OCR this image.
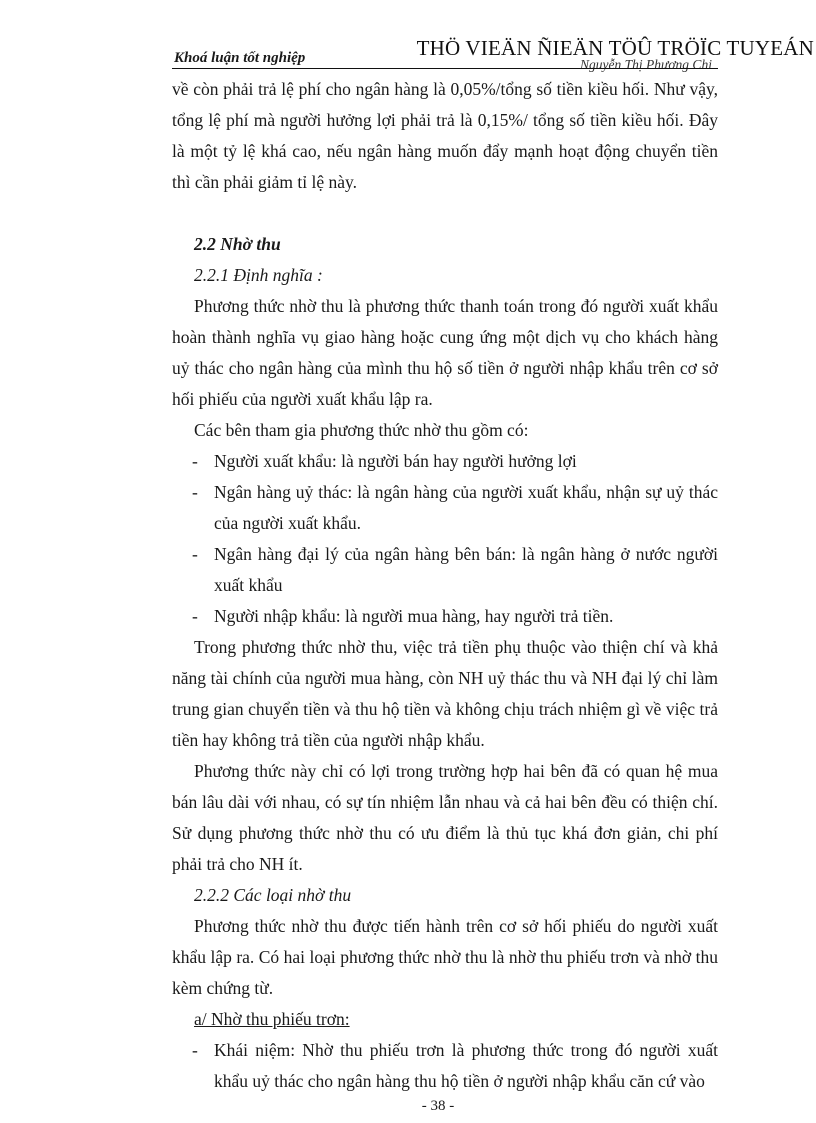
THÖ VIEÄN ÑIEÄN TÖÛ TRÖÏC TUYEÁN
Khoá luận tốt nghiệp	Nguyễn Thị Phương Chi

về còn phải trả lệ phí cho ngân hàng là 0,05%/tổng số tiền kiều hối. Như vậy, tổng lệ phí mà người hưởng lợi phải trả là 0,15%/ tổng số tiền kiều hối. Đây là một tỷ lệ khá cao, nếu ngân hàng muốn đẩy mạnh hoạt động chuyển tiền thì cần phải giảm tỉ lệ này.

2.2 Nhờ thu

2.2.1 Định nghĩa :

Phương thức nhờ thu là phương thức thanh toán trong đó người xuất khẩu hoàn thành nghĩa vụ giao hàng hoặc cung ứng một dịch vụ cho khách hàng uỷ thác cho ngân hàng của mình thu hộ số tiền ở người nhập khẩu trên cơ sở hối phiếu của người xuất khẩu lập ra.

Các bên tham gia phương thức nhờ thu gồm có:

- Người xuất khẩu: là người bán hay người hưởng lợi
- Ngân hàng uỷ thác: là ngân hàng của người xuất khẩu, nhận sự uỷ thác của người xuất khẩu.
- Ngân hàng đại lý của ngân hàng bên bán: là ngân hàng ở nước người xuất khẩu
- Người nhập khẩu: là người mua hàng, hay người trả tiền.

Trong phương thức nhờ thu, việc trả tiền phụ thuộc vào thiện chí và khả năng tài chính của người mua hàng, còn NH uỷ thác thu và NH đại lý chỉ làm trung gian chuyển tiền và thu hộ tiền và không chịu trách nhiệm gì về việc trả tiền hay không trả tiền của người nhập khẩu.

Phương thức này chỉ có lợi trong trường hợp hai bên đã có quan hệ mua bán lâu dài với nhau, có sự tín nhiệm lẫn nhau và cả hai bên đều có thiện chí. Sử dụng phương thức nhờ thu có ưu điểm là thủ tục khá đơn giản, chi phí phải trả cho NH ít.

2.2.2 Các loại nhờ thu

Phương thức nhờ thu được tiến hành trên cơ sở hối phiếu do người xuất khẩu lập ra. Có hai loại phương thức nhờ thu là nhờ thu phiếu trơn và nhờ thu kèm chứng từ.

a/ Nhờ thu phiếu trơn:

- Khái niệm: Nhờ thu phiếu trơn là phương thức trong đó người xuất khẩu uỷ thác cho ngân hàng thu hộ tiền ở người nhập khẩu căn cứ vào
- 38 -
